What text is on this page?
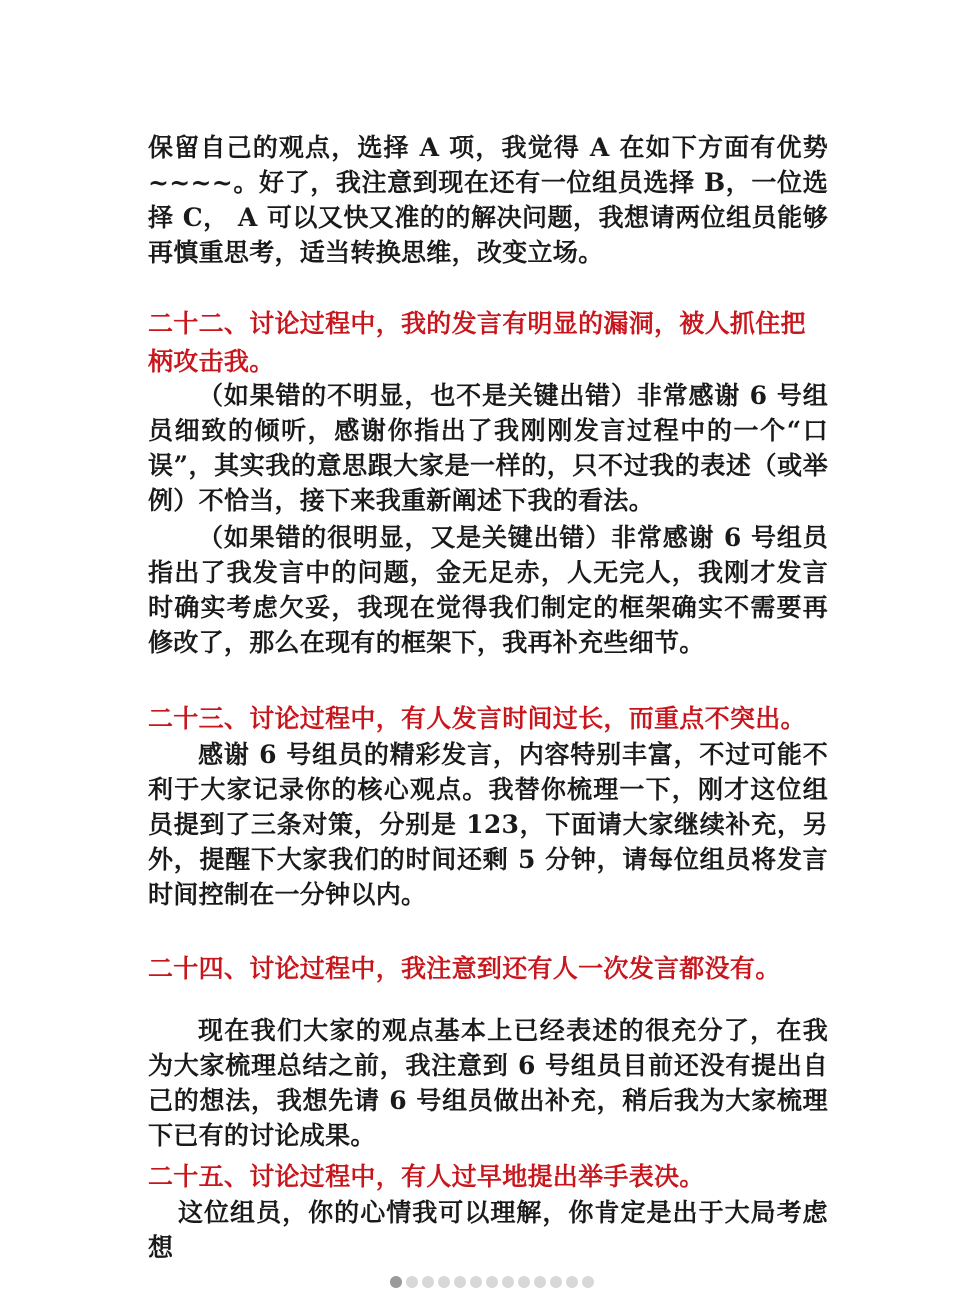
保留自己的观点，选择 A 项，我觉得 A 在如下方面有优势~~~~。好了，我注意到现在还有一位组员选择 B，一位选择 C， A 可以又快又准的的解决问题，我想请两位组员能够再慎重思考，适当转换思维，改变立场。

二十二、讨论过程中，我的发言有明显的漏洞，被人抓住把柄攻击我。

（如果错的不明显，也不是关键出错）非常感谢 6 号组员细致的倾听，感谢你指出了我刚刚发言过程中的一个“口误”，其实我的意思跟大家是一样的，只不过我的表述（或举例）不恰当，接下来我重新阐述下我的看法。

（如果错的很明显，又是关键出错）非常感谢 6 号组员指出了我发言中的问题，金无足赤，人无完人，我刚才发言时确实考虑欠妥，我现在觉得我们制定的框架确实不需要再修改了，那么在现有的框架下，我再补充些细节。

二十三、讨论过程中，有人发言时间过长，而重点不突出。

感谢 6 号组员的精彩发言，内容特别丰富，不过可能不利于大家记录你的核心观点。我替你梳理一下，刚才这位组员提到了三条对策，分别是 123，下面请大家继续补充，另外，提醒下大家我们的时间还剩 5 分钟，请每位组员将发言时间控制在一分钟以内。

二十四、讨论过程中，我注意到还有人一次发言都没有。

现在我们大家的观点基本上已经表述的很充分了，在我为大家梳理总结之前，我注意到 6 号组员目前还没有提出自己的想法，我想先请 6 号组员做出补充，稍后我为大家梳理下已有的讨论成果。

二十五、讨论过程中，有人过早地提出举手表决。

这位组员，你的心情我可以理解，你肯定是出于大局考虑想
